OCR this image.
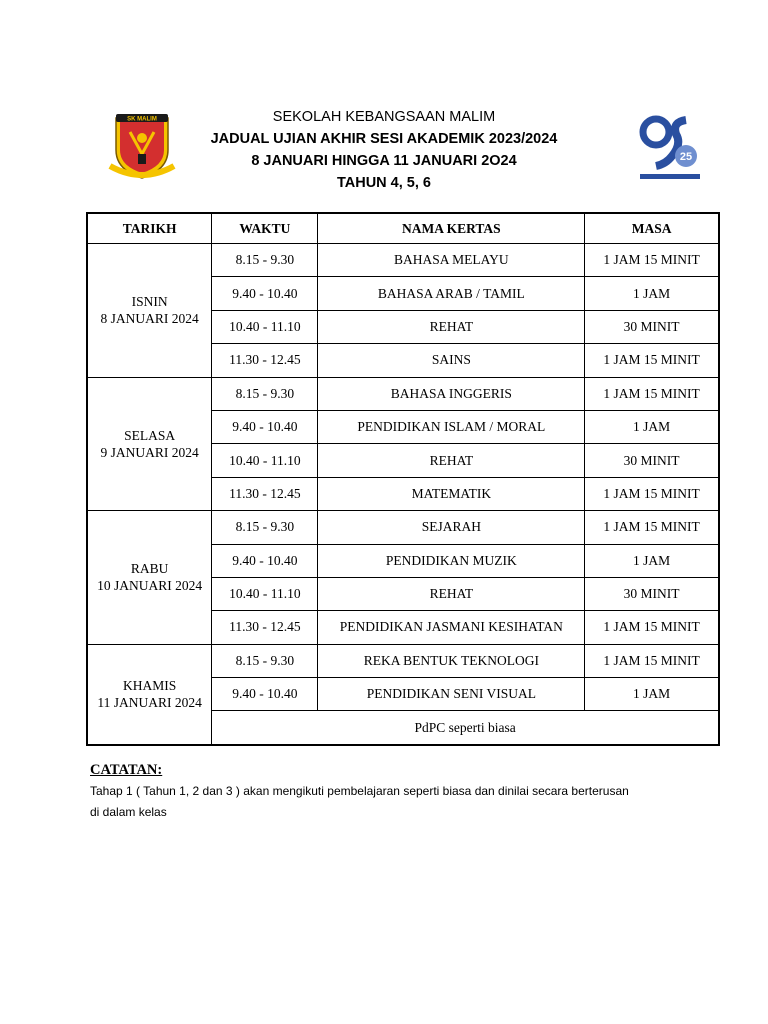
SK MALIM
25
SEKOLAH KEBANGSAAN MALIM
JADUAL UJIAN AKHIR SESI AKADEMIK 2023/2024
8 JANUARI HINGGA 11 JANUARI 2O24
TAHUN 4, 5, 6
TARIKH	WAKTU	NAMA KERTAS	MASA

ISNIN
8 JANUARI 2024	8.15 - 9.30	BAHASA MELAYU	1 JAM 15 MINIT
	9.40 - 10.40	BAHASA ARAB / TAMIL	1 JAM
	10.40 - 11.10	REHAT	30 MINIT
	11.30 - 12.45	SAINS	1 JAM 15 MINIT

SELASA
9 JANUARI 2024	8.15 - 9.30	BAHASA INGGERIS	1 JAM 15 MINIT
	9.40 - 10.40	PENDIDIKAN ISLAM / MORAL	1 JAM
	10.40 - 11.10	REHAT	30 MINIT
	11.30 - 12.45	MATEMATIK	1 JAM 15 MINIT

RABU
10 JANUARI 2024	8.15 - 9.30	SEJARAH	1 JAM 15 MINIT
	9.40 - 10.40	PENDIDIKAN MUZIK	1 JAM
	10.40 - 11.10	REHAT	30 MINIT
	11.30 - 12.45	PENDIDIKAN JASMANI KESIHATAN	1 JAM 15 MINIT

KHAMIS
11 JANUARI 2024	8.15 - 9.30	REKA BENTUK TEKNOLOGI	1 JAM 15 MINIT
	9.40 - 10.40	PENDIDIKAN SENI VISUAL	1 JAM
	PdPC seperti biasa		
CATATAN:
Tahap 1 ( Tahun 1, 2 dan 3 ) akan mengikuti pembelajaran seperti biasa dan dinilai secara berterusan
di dalam kelas
